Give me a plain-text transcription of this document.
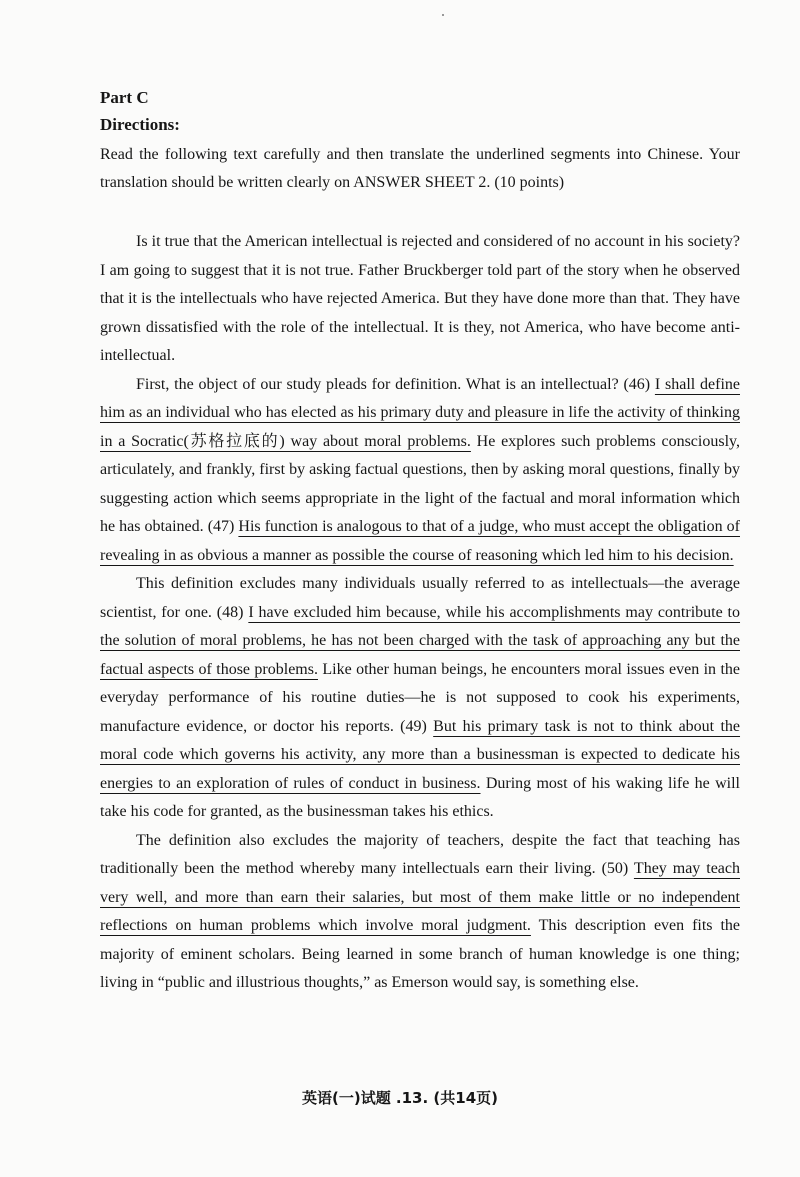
Part C
Directions:

Read the following text carefully and then translate the underlined segments into Chinese. Your translation should be written clearly on ANSWER SHEET 2. (10 points)

Is it true that the American intellectual is rejected and considered of no account in his society? I am going to suggest that it is not true. Father Bruckberger told part of the story when he observed that it is the intellectuals who have rejected America. But they have done more than that. They have grown dissatisfied with the role of the intellectual. It is they, not America, who have become anti-intellectual.

First, the object of our study pleads for definition. What is an intellectual? (46) I shall define him as an individual who has elected as his primary duty and pleasure in life the activity of thinking in a Socratic(苏格拉底的) way about moral problems. He explores such problems consciously, articulately, and frankly, first by asking factual questions, then by asking moral questions, finally by suggesting action which seems appropriate in the light of the factual and moral information which he has obtained. (47) His function is analogous to that of a judge, who must accept the obligation of revealing in as obvious a manner as possible the course of reasoning which led him to his decision.

This definition excludes many individuals usually referred to as intellectuals—the average scientist, for one. (48) I have excluded him because, while his accomplishments may contribute to the solution of moral problems, he has not been charged with the task of approaching any but the factual aspects of those problems. Like other human beings, he encounters moral issues even in the everyday performance of his routine duties—he is not supposed to cook his experiments, manufacture evidence, or doctor his reports. (49) But his primary task is not to think about the moral code which governs his activity, any more than a businessman is expected to dedicate his energies to an exploration of rules of conduct in business. During most of his waking life he will take his code for granted, as the businessman takes his ethics.

The definition also excludes the majority of teachers, despite the fact that teaching has traditionally been the method whereby many intellectuals earn their living. (50) They may teach very well, and more than earn their salaries, but most of them make little or no independent reflections on human problems which involve moral judgment. This description even fits the majority of eminent scholars. Being learned in some branch of human knowledge is one thing; living in “public and illustrious thoughts,” as Emerson would say, is something else.

英语(一)试题 .13. (共14页)
